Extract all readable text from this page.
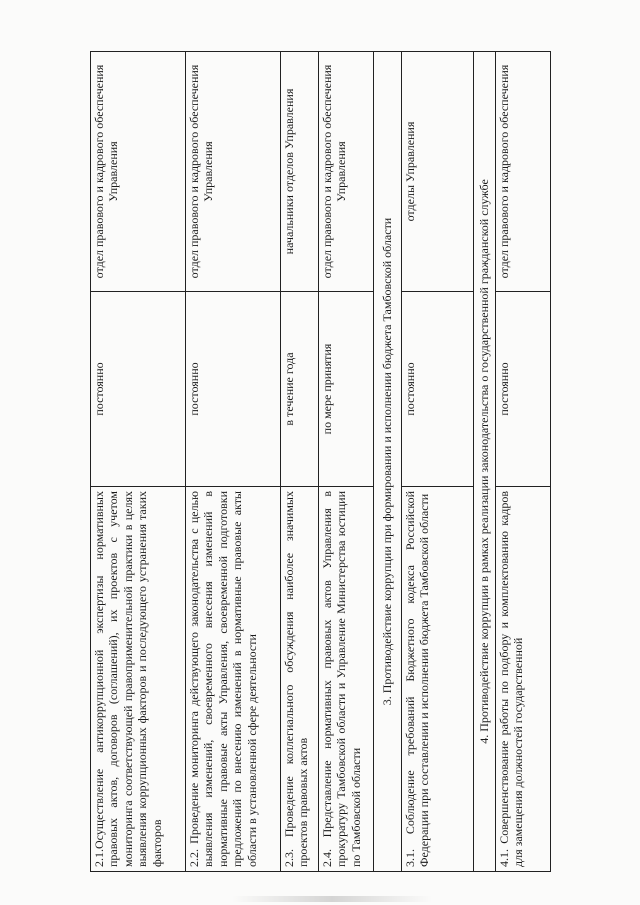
2.1.Осуществление антикоррупционной экспертизы нормативных правовых актов, договоров (соглашений), их проектов с учетом мониторинга соответствующей правоприменительной практики в целях выявления коррупционных факторов и последующего устранения таких факторов	постоянно	отдел правового и кадрового обеспечения Управления
2.2. Проведение мониторинга действующего законодательства с целью выявления изменений, своевременного внесения изменений в нормативные правовые акты Управления, своевременной подготовки предложений по внесению изменений в нормативные правовые акты области в установленной сфере деятельности	постоянно	отдел правового и кадрового обеспечения Управления
2.3. Проведение коллегиального обсуждения наиболее значимых проектов правовых актов	в течение года	начальники отделов Управления
2.4. Представление нормативных правовых актов Управления в прокуратуру Тамбовской области и Управление Министерства юстиции по Тамбовской области	по мере принятия	отдел правового и кадрового обеспечения Управления
3. Противодействие коррупции при формировании и исполнении бюджета Тамбовской области		
3.1. Соблюдение требований Бюджетного кодекса Российской Федерации при составлении и исполнении бюджета Тамбовской области	постоянно	отделы Управления
4. Противодействие коррупции в рамках реализации законодательства о государственной гражданской службе		
4.1. Совершенствование работы по подбору и комплектованию кадров для замещения должностей государственной	постоянно	отдел правового и кадрового обеспечения
